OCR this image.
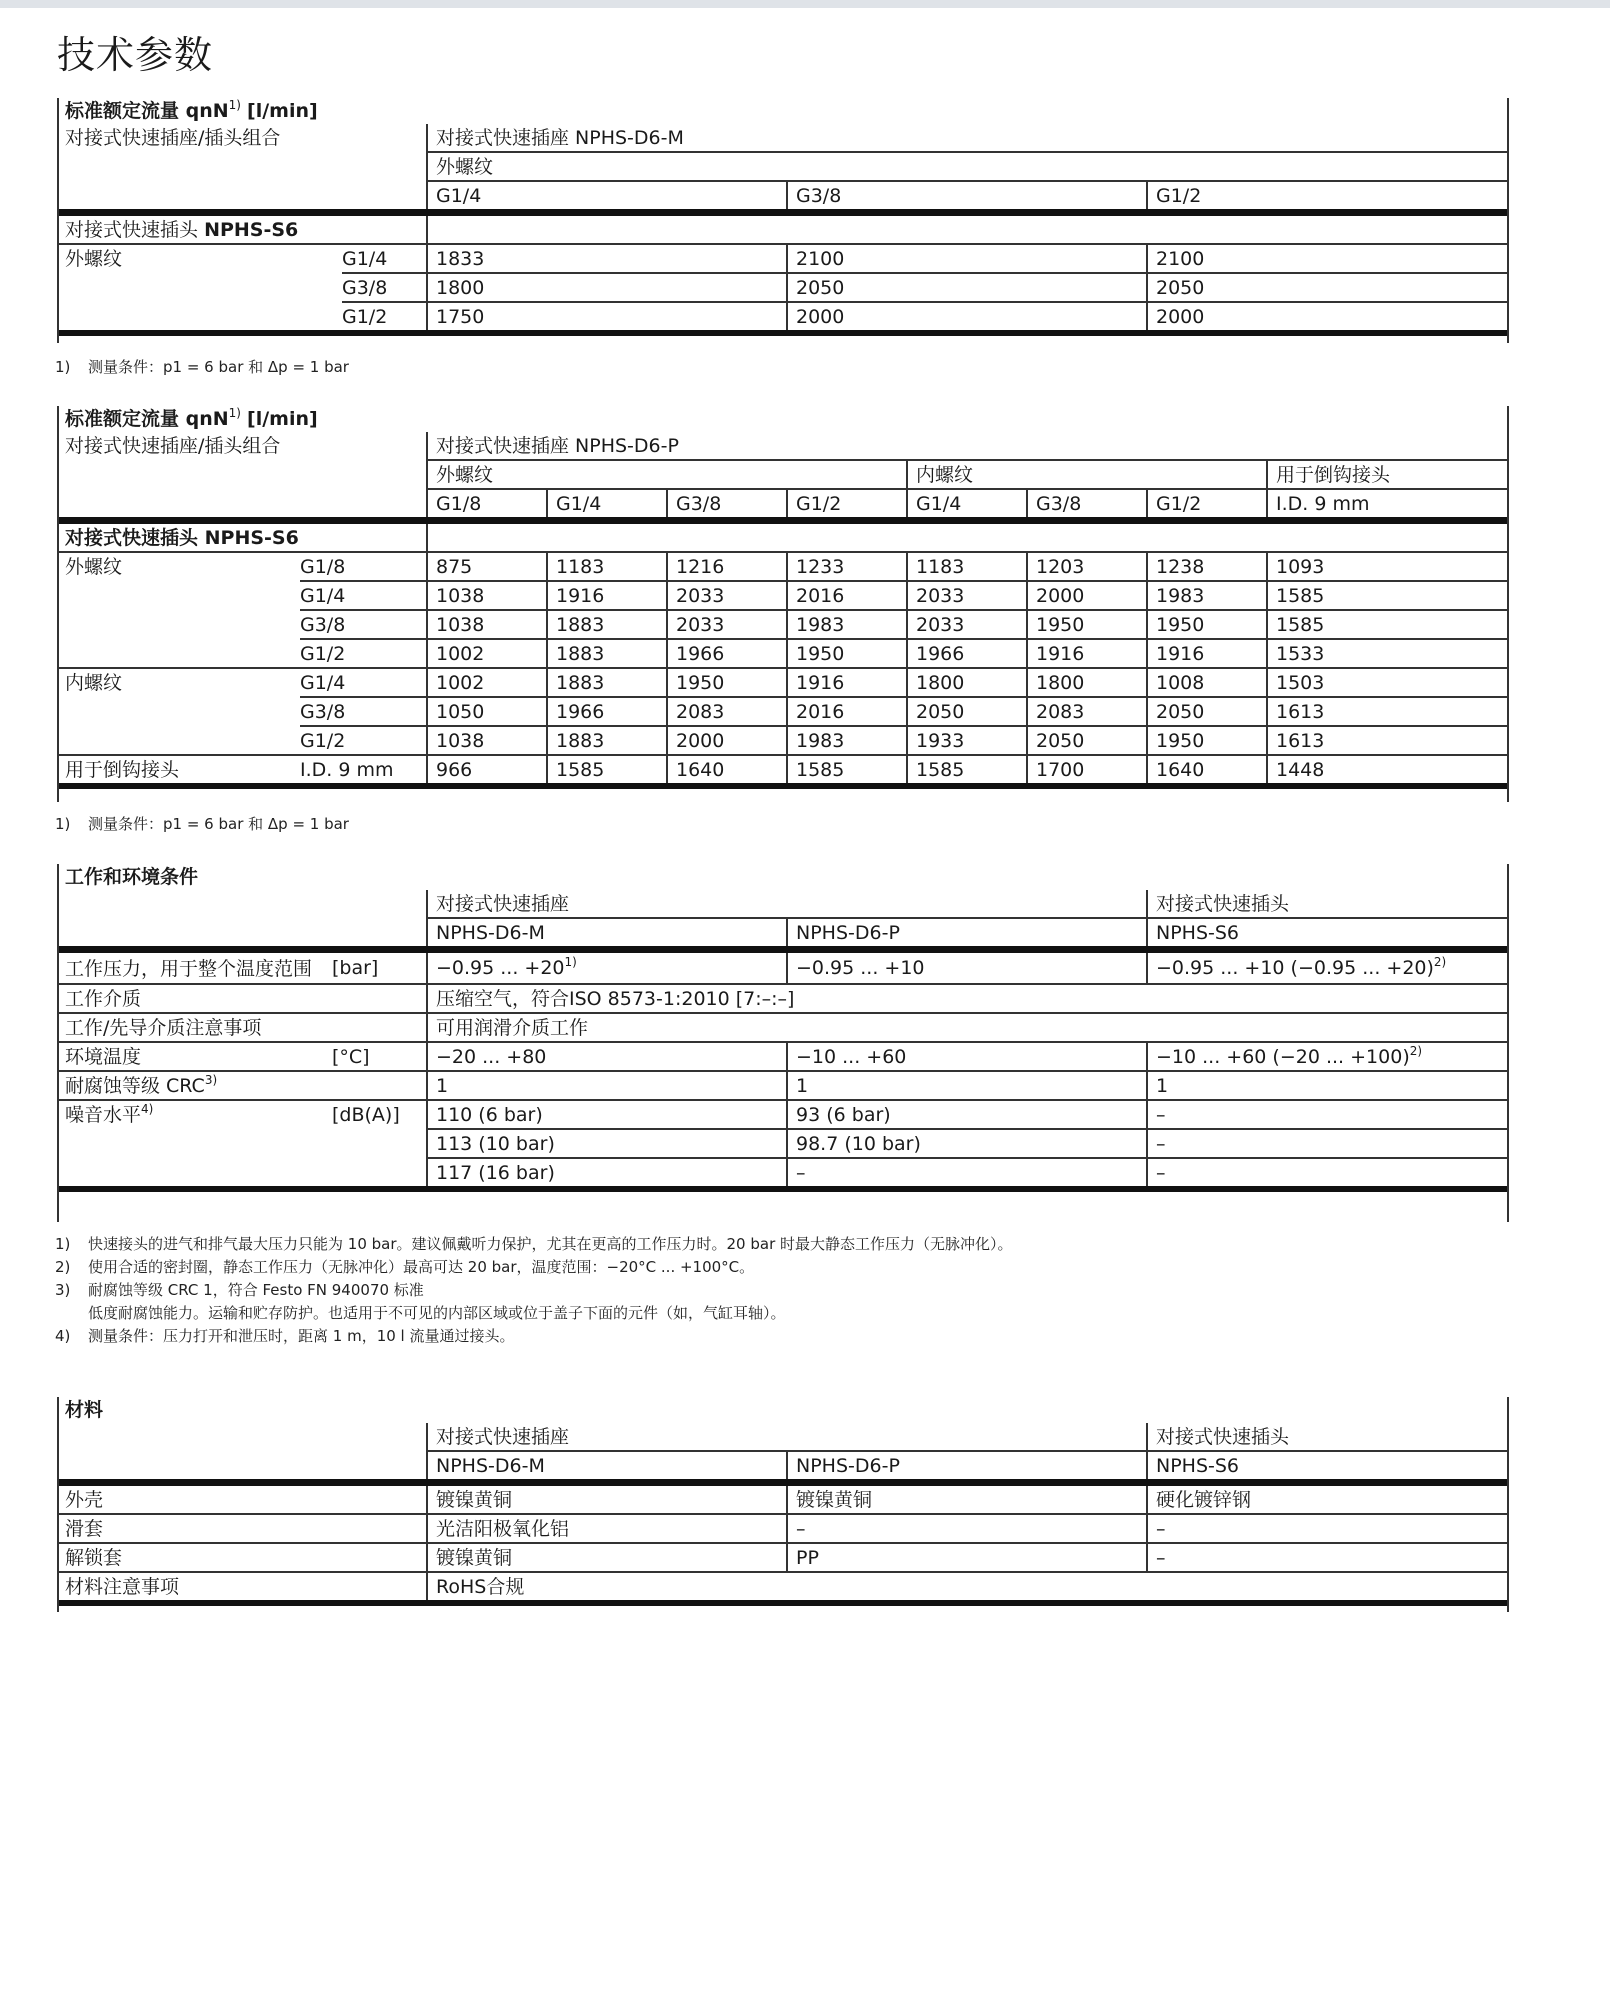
技术参数
标准额定流量 qnN$^{1)}$ [l/min]				
对接式快速插座/插头组合		对接式快速插座 NPHS-D6-M		
		外螺纹		
		G1/4	G3/8	G1/2
对接式快速插头 NPHS-S6				
外螺纹	G1/4	1833	2100	2100
	G3/8	1800	2050	2050
	G1/2	1750	2000	2000
1) 测量条件：p1 = 6 bar 和 Δp = 1 bar
标准额定流量 qnN$^{1)}$ [l/min]									
对接式快速插座/插头组合		对接式快速插座 NPHS-D6-P							
		外螺纹				内螺纹			用于倒钩接头
		G1/8	G1/4	G3/8	G1/2	G1/4	G3/8	G1/2	I.D. 9 mm
对接式快速插头 NPHS-S6									
外螺纹	G1/8	875	1183	1216	1233	1183	1203	1238	1093
	G1/4	1038	1916	2033	2016	2033	2000	1983	1585
	G3/8	1038	1883	2033	1983	2033	1950	1950	1585
	G1/2	1002	1883	1966	1950	1966	1916	1916	1533
内螺纹	G1/4	1002	1883	1950	1916	1800	1800	1008	1503
	G3/8	1050	1966	2083	2016	2050	2083	2050	1613
	G1/2	1038	1883	2000	1983	1933	2050	1950	1613
用于倒钩接头	I.D. 9 mm	966	1585	1640	1585	1585	1700	1640	1448
1) 测量条件：p1 = 6 bar 和 Δp = 1 bar
工作和环境条件				
		对接式快速插座		对接式快速插头
		NPHS-D6-M	NPHS-D6-P	NPHS-S6
工作压力，用于整个温度范围	[bar]	−0.95 ... $+20^{1)}$	−0.95 ... +10	−0.95 ... +10 (−0.95 ... +20)$^{2)}$
工作介质		压缩空气，符合ISO 8573-1:2010 [7:–:–]		
工作/先导介质注意事项		可用润滑介质工作		
环境温度	[°C]	−20 ... +80	−10 ... +60	−10 ... +60 (−20 ... +100)$^{2)}$
耐腐蚀等级 CRC$^{3)}$		1	1	1
噪音水平$^{4)}$	[dB(A)]	110 (6 bar)	93 (6 bar)	–
		113 (10 bar)	98.7 (10 bar)	–
		117 (16 bar)	–	–
1) 快速接头的进气和排气最大压力只能为 10 bar。建议佩戴听力保护，尤其在更高的工作压力时。20 bar 时最大静态工作压力（无脉冲化）。
2) 使用合适的密封圈，静态工作压力（无脉冲化）最高可达 20 bar，温度范围：−20°C ... +100°C。
3) 耐腐蚀等级 CRC 1，符合 Festo FN 940070 标准
低度耐腐蚀能力。运输和贮存防护。也适用于不可见的内部区域或位于盖子下面的元件（如，气缸耳轴）。
4) 测量条件：压力打开和泄压时，距离 1 m，10 l 流量通过接头。
材料			
	对接式快速插座		对接式快速插头
	NPHS-D6-M	NPHS-D6-P	NPHS-S6
外壳	镀镍黄铜	镀镍黄铜	硬化镀锌钢
滑套	光洁阳极氧化铝	–	–
解锁套	镀镍黄铜	PP	–
材料注意事项	RoHS合规		
